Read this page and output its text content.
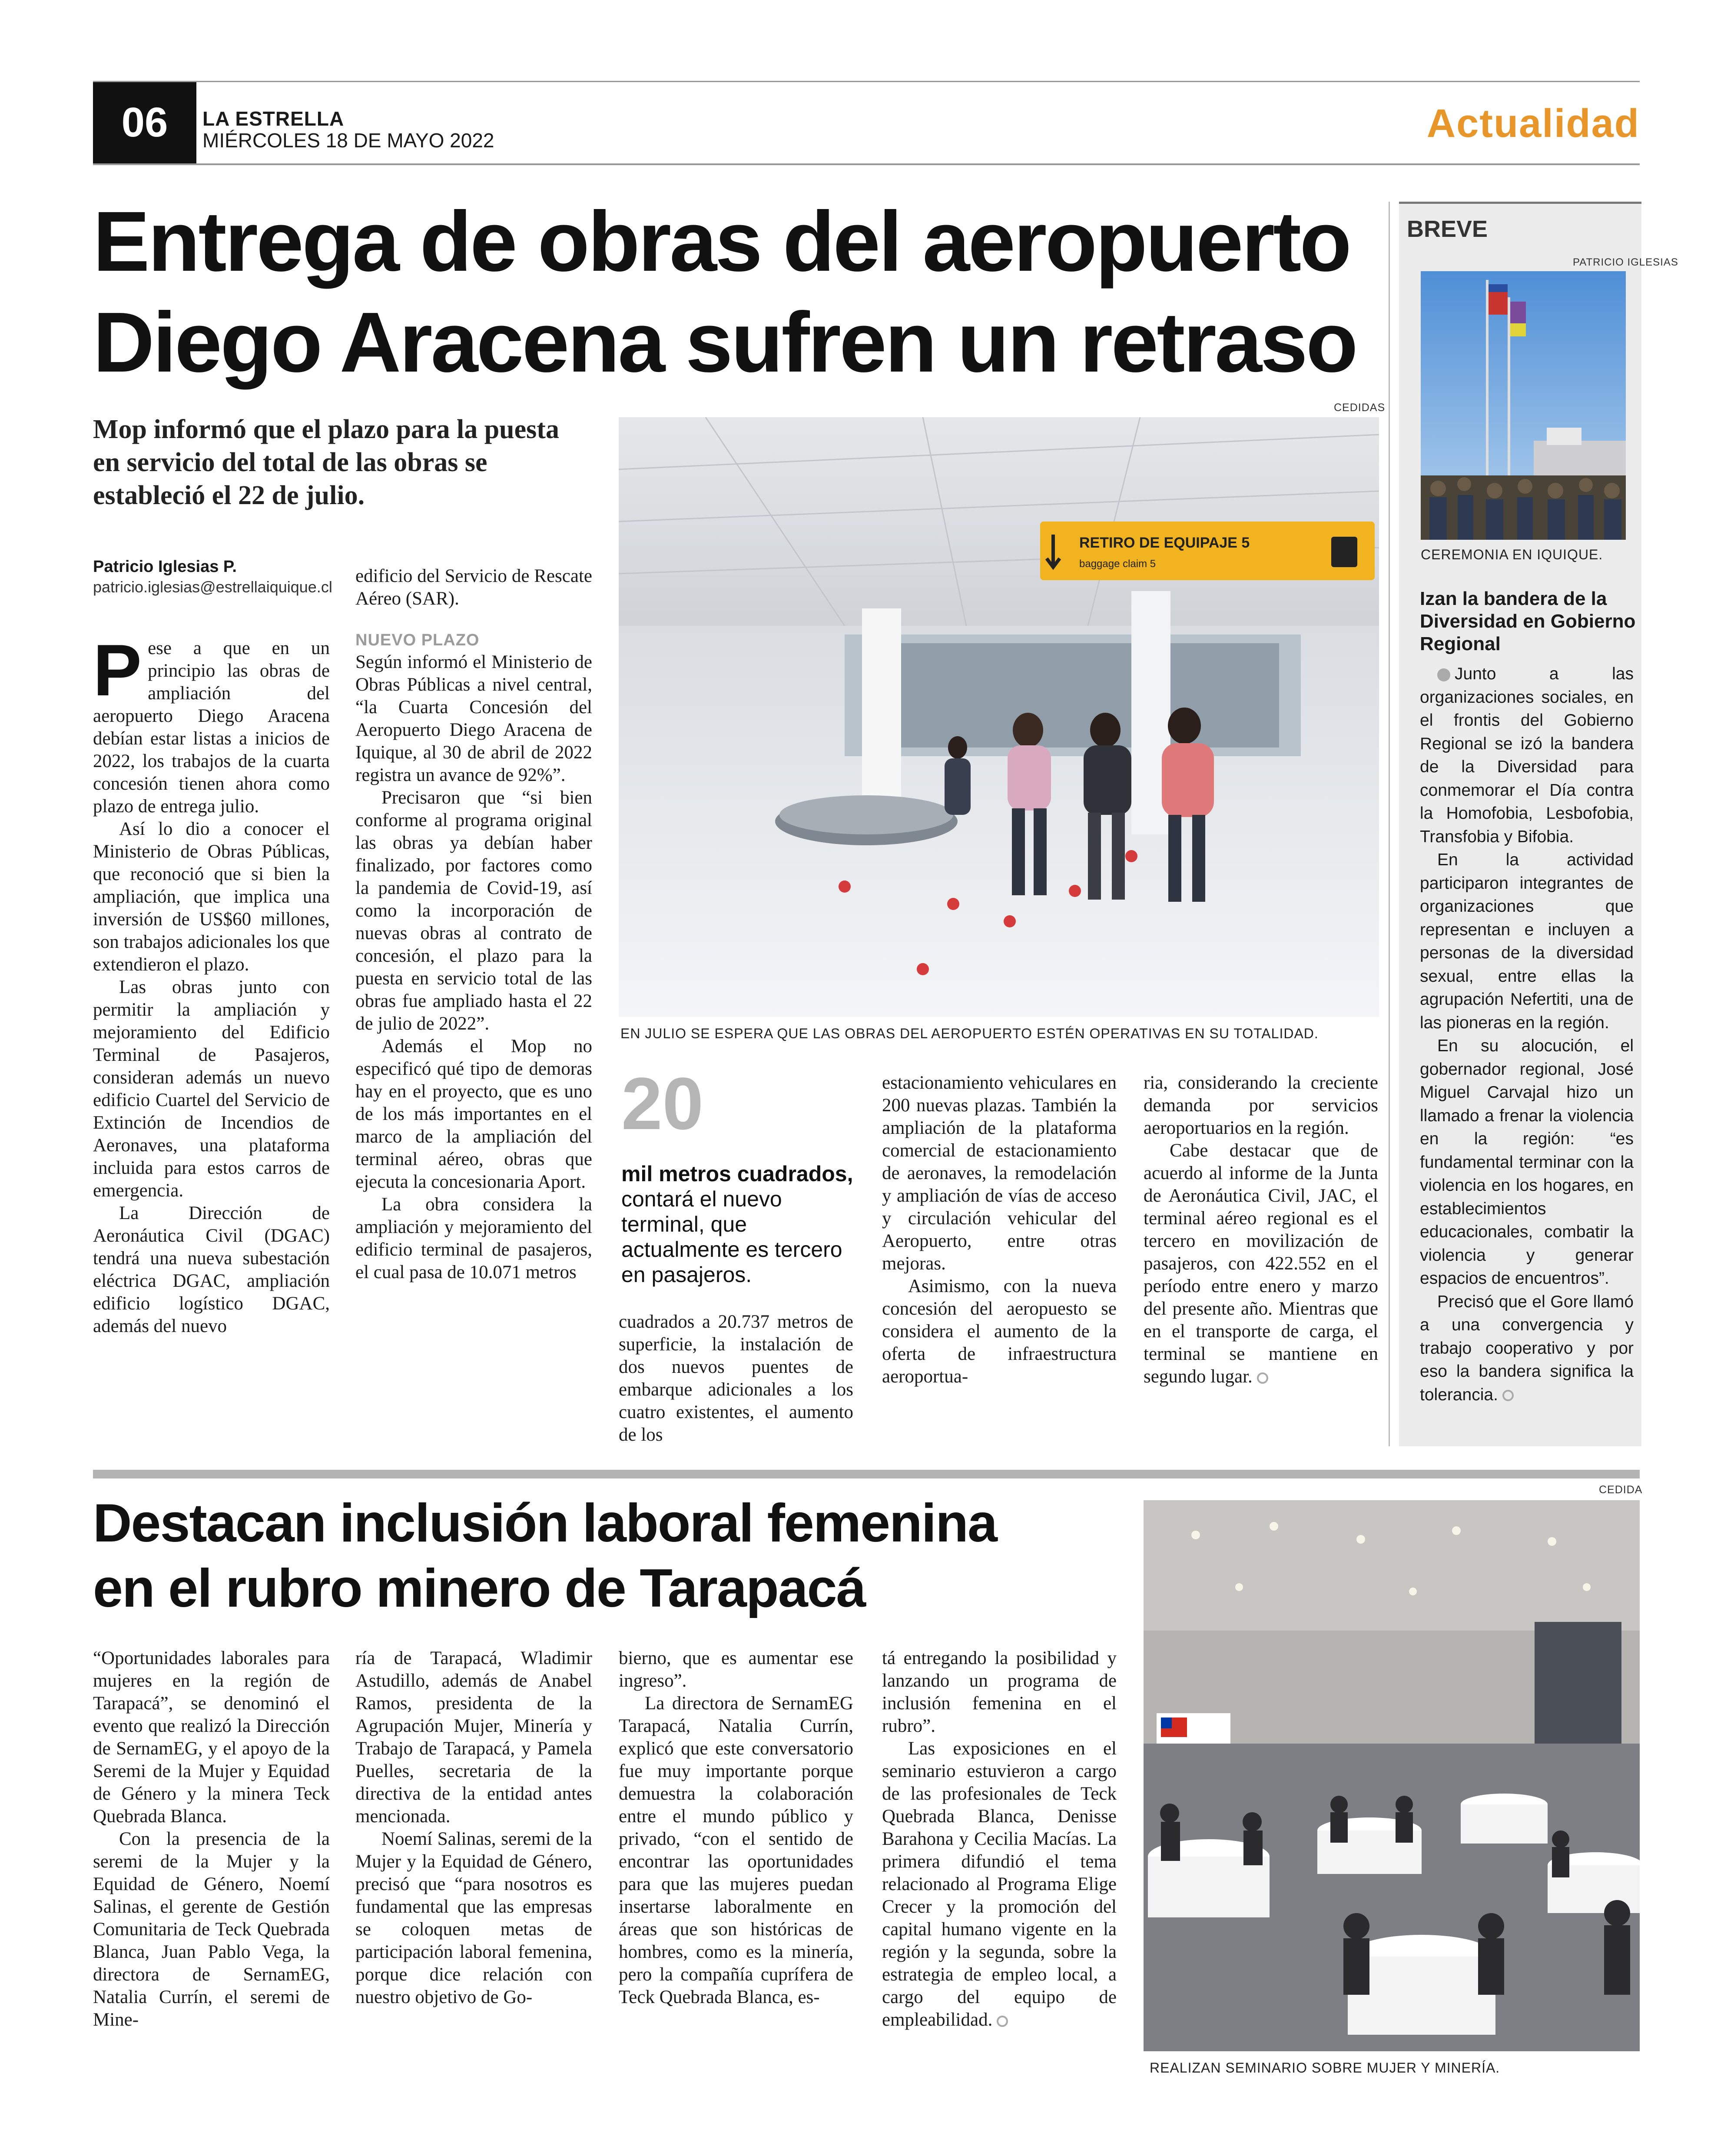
06	LA ESTRELLA
MIÉRCOLES 18 DE MAYO 2022	Actualidad
Entrega de obras del aeropuerto
Diego Aracena sufren un retraso
Mop informó que el plazo para la puesta en servicio del total de las obras se estableció el 22 de julio.
Patricio Iglesias P.
patricio.iglesias@estrellaiquique.cl

Pese a que en un principio las obras de ampliación del aeropuerto Diego Aracena debían estar listas a inicios de 2022, los trabajos de la cuarta concesión tienen ahora como plazo de entrega julio.

Así lo dio a conocer el Ministerio de Obras Públicas, que reconoció que si bien la ampliación, que implica una inversión de US$60 millones, son trabajos adicionales los que extendieron el plazo.

Las obras junto con permitir la ampliación y mejoramiento del Edificio Terminal de Pasajeros, consideran además un nuevo edificio Cuartel del Servicio de Extinción de Incendios de Aeronaves, una plataforma incluida para estos carros de emergencia.

La Dirección de Aeronáutica Civil (DGAC) tendrá una nueva subestación eléctrica DGAC, ampliación edificio logístico DGAC, además del nuevo

edificio del Servicio de Rescate Aéreo (SAR).

NUEVO PLAZO

Según informó el Ministerio de Obras Públicas a nivel central, “la Cuarta Concesión del Aeropuerto Diego Aracena de Iquique, al 30 de abril de 2022 registra un avance de 92%”.

Precisaron que “si bien conforme al programa original las obras ya debían haber finalizado, por factores como la pandemia de Covid-19, así como la incorporación de nuevas obras al contrato de concesión, el plazo para la puesta en servicio total de las obras fue ampliado hasta el 22 de julio de 2022”.

Además el Mop no especificó qué tipo de demoras hay en el proyecto, que es uno de los más importantes en el marco de la ampliación del terminal aéreo, obras que ejecuta la concesionaria Aport.

La obra considera la ampliación y mejoramiento del edificio terminal de pasajeros, el cual pasa de 10.071 metros

CEDIDAS
RETIRO DE EQUIPAJE 5
baggage claim 5
EN JULIO SE ESPERA QUE LAS OBRAS DEL AEROPUERTO ESTÉN OPERATIVAS EN SU TOTALIDAD.
20
mil metros cuadrados, contará el nuevo terminal, que actualmente es tercero en pasajeros.

cuadrados a 20.737 metros de superficie, la instalación de dos nuevos puentes de embarque adicionales a los cuatro existentes, el aumento de los

estacionamiento vehiculares en 200 nuevas plazas. También la ampliación de la plataforma comercial de estacionamiento de aeronaves, la remodelación y ampliación de vías de acceso y circulación vehicular del Aeropuerto, entre otras mejoras.

Asimismo, con la nueva concesión del aeropuesto se considera el aumento de la oferta de infraestructura aeroportua-

ria, considerando la creciente demanda por servicios aeroportuarios en la región.

Cabe destacar que de acuerdo al informe de la Junta de Aeronáutica Civil, JAC, el terminal aéreo regional es el tercero en movilización de pasajeros, con 422.552 en el período entre enero y marzo del presente año. Mientras que en el transporte de carga, el terminal se mantiene en segundo lugar.

BREVE
PATRICIO IGLESIAS
CEREMONIA EN IQUIQUE.
Izan la bandera de la Diversidad en Gobierno Regional

Junto a las organizaciones sociales, en el frontis del Gobierno Regional se izó la bandera de la Diversidad para conmemorar el Día contra la Homofobia, Lesbofobia, Transfobia y Bifobia.

En la actividad participaron integrantes de organizaciones que representan e incluyen a personas de la diversidad sexual, entre ellas la agrupación Nefertiti, una de las pioneras en la región.

En su alocución, el gobernador regional, José Miguel Carvajal hizo un llamado a frenar la violencia en la región: “es fundamental terminar con la violencia en los hogares, en establecimientos educacionales, combatir la violencia y generar espacios de encuentros”.

Precisó que el Gore llamó a una convergencia y trabajo cooperativo y por eso la bandera significa la tolerancia.

Destacan inclusión laboral femenina
en el rubro minero de Tarapacá

“Oportunidades laborales para mujeres en la región de Tarapacá”, se denominó el evento que realizó la Dirección de SernamEG, y el apoyo de la Seremi de la Mujer y Equidad de Género y la minera Teck Quebrada Blanca.

Con la presencia de la seremi de la Mujer y la Equidad de Género, Noemí Salinas, el gerente de Gestión Comunitaria de Teck Quebrada Blanca, Juan Pablo Vega, la directora de SernamEG, Natalia Currín, el seremi de Mine-

ría de Tarapacá, Wladimir Astudillo, además de Anabel Ramos, presidenta de la Agrupación Mujer, Minería y Trabajo de Tarapacá, y Pamela Puelles, secretaria de la directiva de la entidad antes mencionada.

Noemí Salinas, seremi de la Mujer y la Equidad de Género, precisó que “para nosotros es fundamental que las empresas se coloquen metas de participación laboral femenina, porque dice relación con nuestro objetivo de Go-

bierno, que es aumentar ese ingreso”.

La directora de SernamEG Tarapacá, Natalia Currín, explicó que este conversatorio fue muy importante porque demuestra la colaboración entre el mundo público y privado, “con el sentido de encontrar las oportunidades para que las mujeres puedan insertarse laboralmente en áreas que son históricas de hombres, como es la minería, pero la compañía cuprífera de Teck Quebrada Blanca, es-

tá entregando la posibilidad y lanzando un programa de inclusión femenina en el rubro”.

Las exposiciones en el seminario estuvieron a cargo de las profesionales de Teck Quebrada Blanca, Denisse Barahona y Cecilia Macías. La primera difundió el tema relacionado al Programa Elige Crecer y la promoción del capital humano vigente en la región y la segunda, sobre la estrategia de empleo local, a cargo del equipo de empleabilidad.

CEDIDA
REALIZAN SEMINARIO SOBRE MUJER Y MINERÍA.
